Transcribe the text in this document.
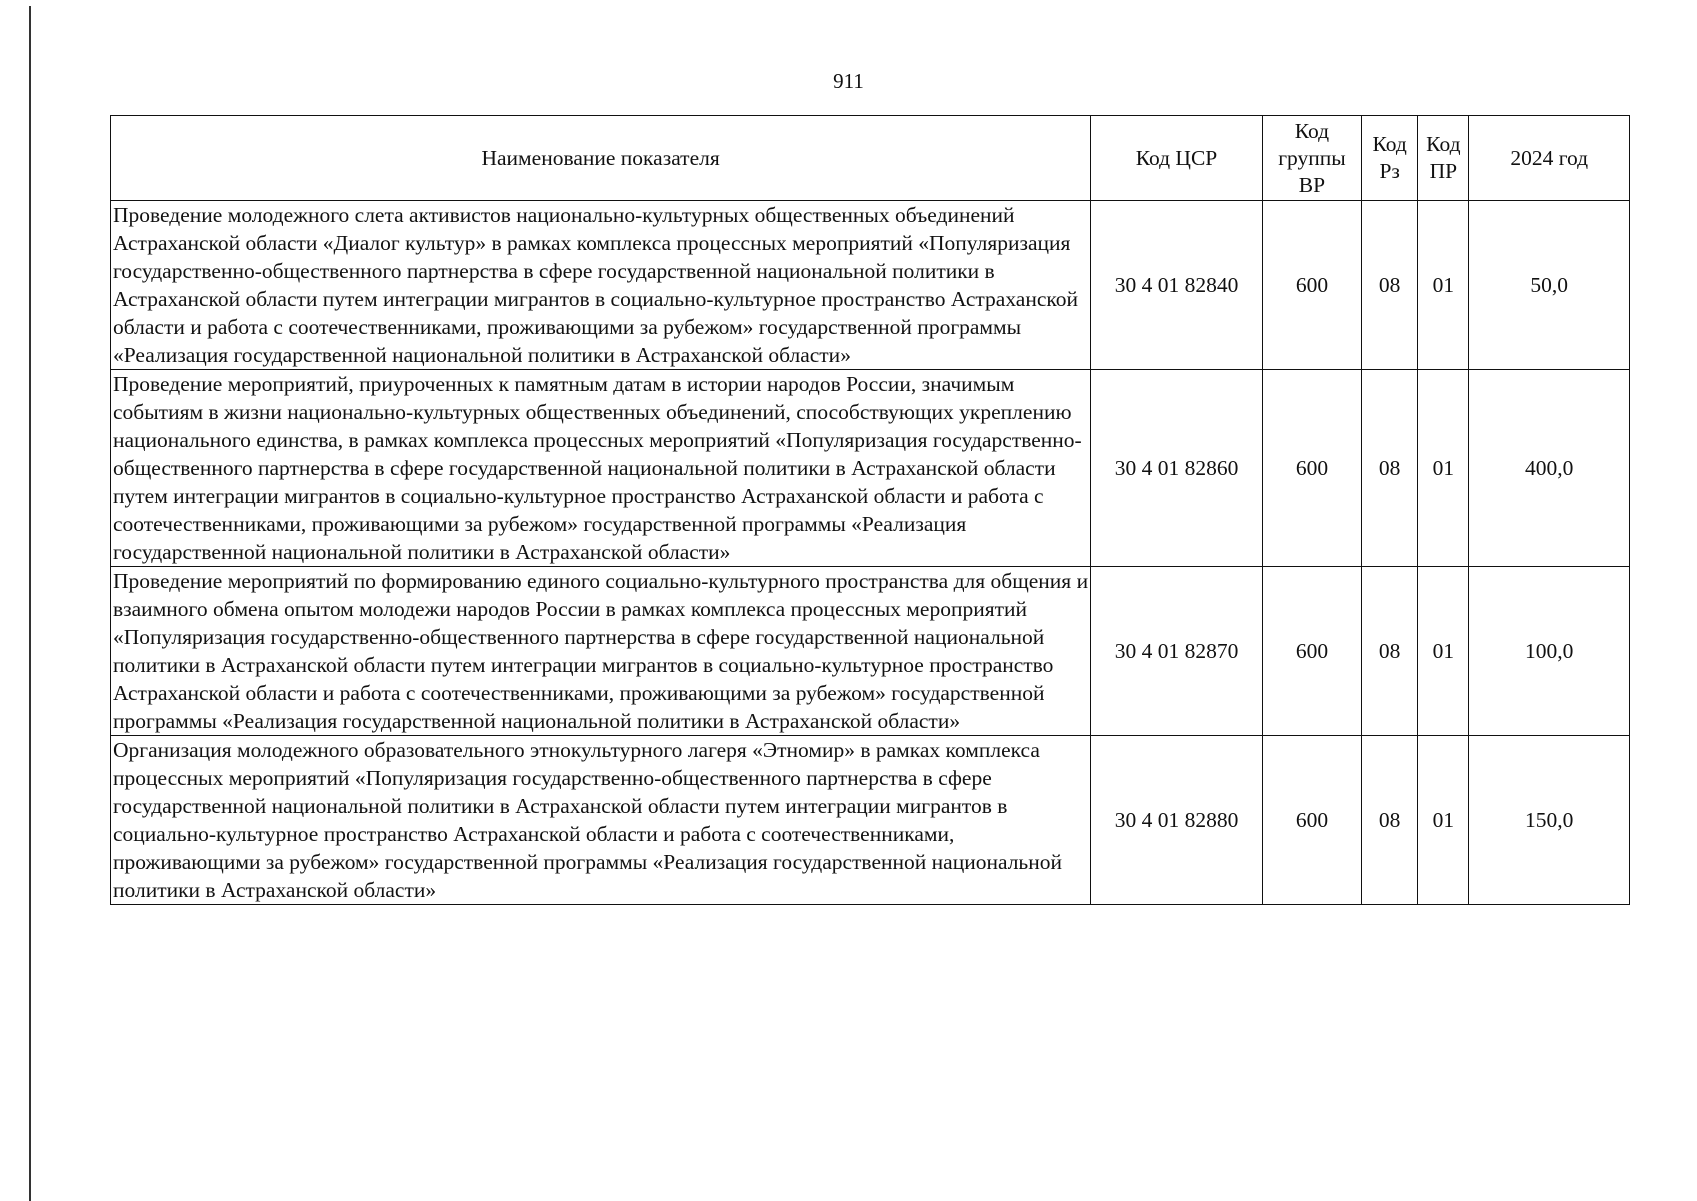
911
Наименование показателя	Код ЦСР	Код группы ВР	Код Рз	Код ПР	2024 год
Проведение молодежного слета активистов национально-культурных общественных объединений Астраханской области «Диалог культур» в рамках комплекса процессных мероприятий «Популяризация государственно-общественного партнерства в сфере государственной национальной политики в Астраханской области путем интеграции мигрантов в социально-культурное пространство Астраханской области и работа с соотечественниками, проживающими за рубежом» государственной программы «Реализация государственной национальной политики в Астраханской области»	30 4 01 82840	600	08	01	50,0
Проведение мероприятий, приуроченных к памятным датам в истории народов России, значимым событиям в жизни национально-культурных общественных объединений, способствующих укреплению национального единства, в рамках комплекса процессных мероприятий «Популяризация государственно-общественного партнерства в сфере государственной национальной политики в Астраханской области путем интеграции мигрантов в социально-культурное пространство Астраханской области и работа с соотечественниками, проживающими за рубежом» государственной программы «Реализация государственной национальной политики в Астраханской области»	30 4 01 82860	600	08	01	400,0
Проведение мероприятий по формированию единого социально-культурного пространства для общения и взаимного обмена опытом молодежи народов России в рамках комплекса процессных мероприятий «Популяризация государственно-общественного партнерства в сфере государственной национальной политики в Астраханской области путем интеграции мигрантов в социально-культурное пространство Астраханской области и работа с соотечественниками, проживающими за рубежом» государственной программы «Реализация государственной национальной политики в Астраханской области»	30 4 01 82870	600	08	01	100,0
Организация молодежного образовательного этнокультурного лагеря «Этномир» в рамках комплекса процессных мероприятий «Популяризация государственно-общественного партнерства в сфере государственной национальной политики в Астраханской области путем интеграции мигрантов в социально-культурное пространство Астраханской области и работа с соотечественниками, проживающими за рубежом» государственной программы «Реализация государственной национальной политики в Астраханской области»	30 4 01 82880	600	08	01	150,0
